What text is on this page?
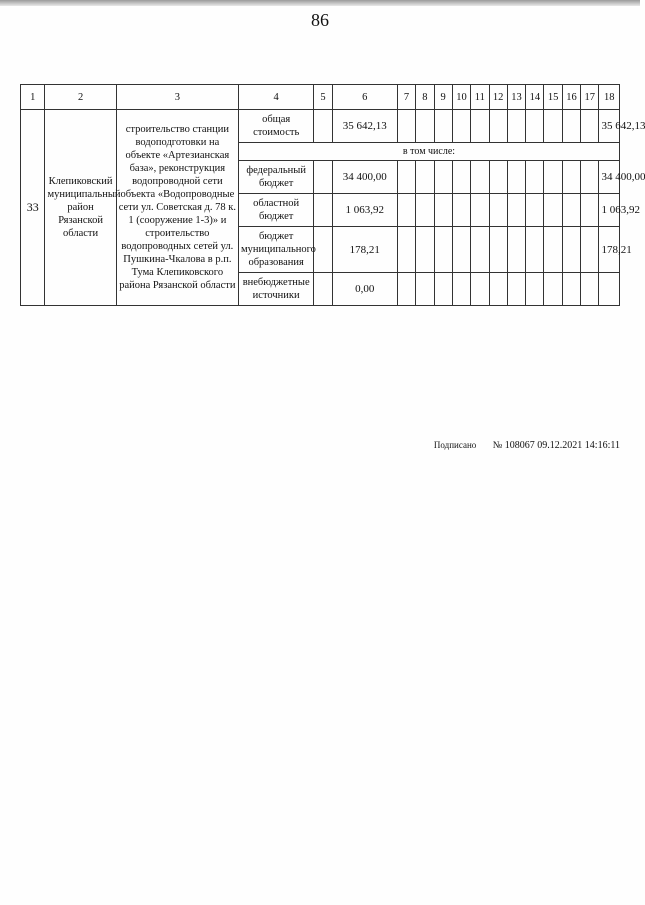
86
1	2	3	4	5	6	7	8	9	10	11	12	13	14	15	16	17	18
33	Клепиковский муниципальный район Рязанской области	строительство станции водоподготовки на объекте «Артезианская база», реконструкция водопроводной сети объекта «Водопроводные сети ул. Советская д. 78 к. 1 (сооружение 1-3)» и строительство водопроводных сетей ул. Пушкина-Чкалова в р.п. Тума Клепиковского района Рязанской области	общая стоимость		35 642,13												35 642,13
			в том числе:														
			федеральный бюджет		34 400,00												34 400,00
			областной бюджет		1 063,92												1 063,92
			бюджет муниципального образования		178,21												178,21
			внебюджетные источники		0,00												
Подписано № 108067 09.12.2021 14:16:11
